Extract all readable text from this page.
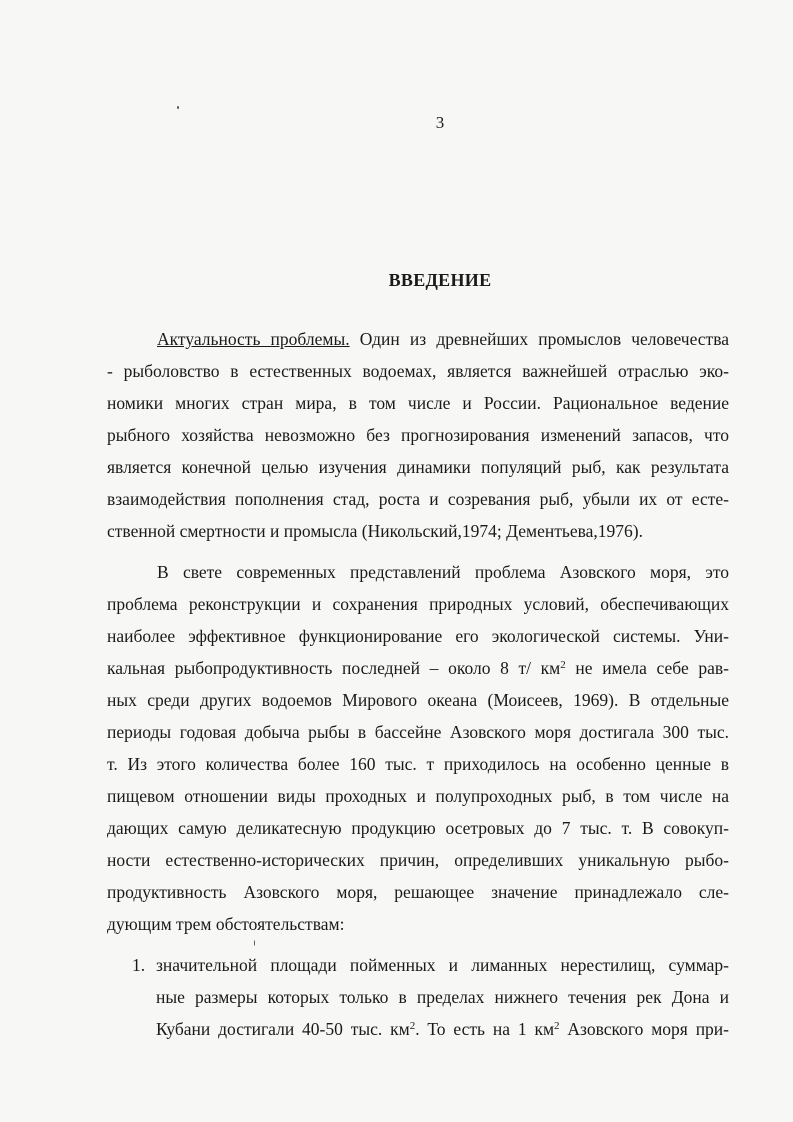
3
ВВЕДЕНИЕ
Актуальность проблемы. Один из древнейших промыслов человечества
- рыболовство в естественных водоемах, является важнейшей отраслью эко-
номики многих стран мира, в том числе и России. Рациональное ведение
рыбного хозяйства невозможно без прогнозирования изменений запасов, что
является конечной целью изучения динамики популяций рыб, как результата
взаимодействия пополнения стад, роста и созревания рыб, убыли их от есте-
ственной смертности и промысла (Никольский,1974; Дементьева,1976).
В свете современных представлений проблема Азовского моря, это
проблема реконструкции и сохранения природных условий, обеспечивающих
наиболее эффективное функционирование его экологической системы. Уни-
кальная рыбопродуктивность последней – около 8 т/ $км^2$ не имела себе рав-
ных среди других водоемов Мирового океана (Моисеев, 1969). В отдельные
периоды годовая добыча рыбы в бассейне Азовского моря достигала 300 тыс.
т. Из этого количества более 160 тыс. т приходилось на особенно ценные в
пищевом отношении виды проходных и полупроходных рыб, в том числе на
дающих самую деликатесную продукцию осетровых до 7 тыс. т. В совокуп-
ности естественно-исторических причин, определивших уникальную рыбо-
продуктивность Азовского моря, решающее значение принадлежало сле-
дующим трем обстоятельствам:
1. значительной площади пойменных и лиманных нерестилищ, суммар-
ные размеры которых только в пределах нижнего течения рек Дона и
Кубани достигали 40-50 тыс. $км^2$. То есть на 1 $км^2$ Азовского моря при-
